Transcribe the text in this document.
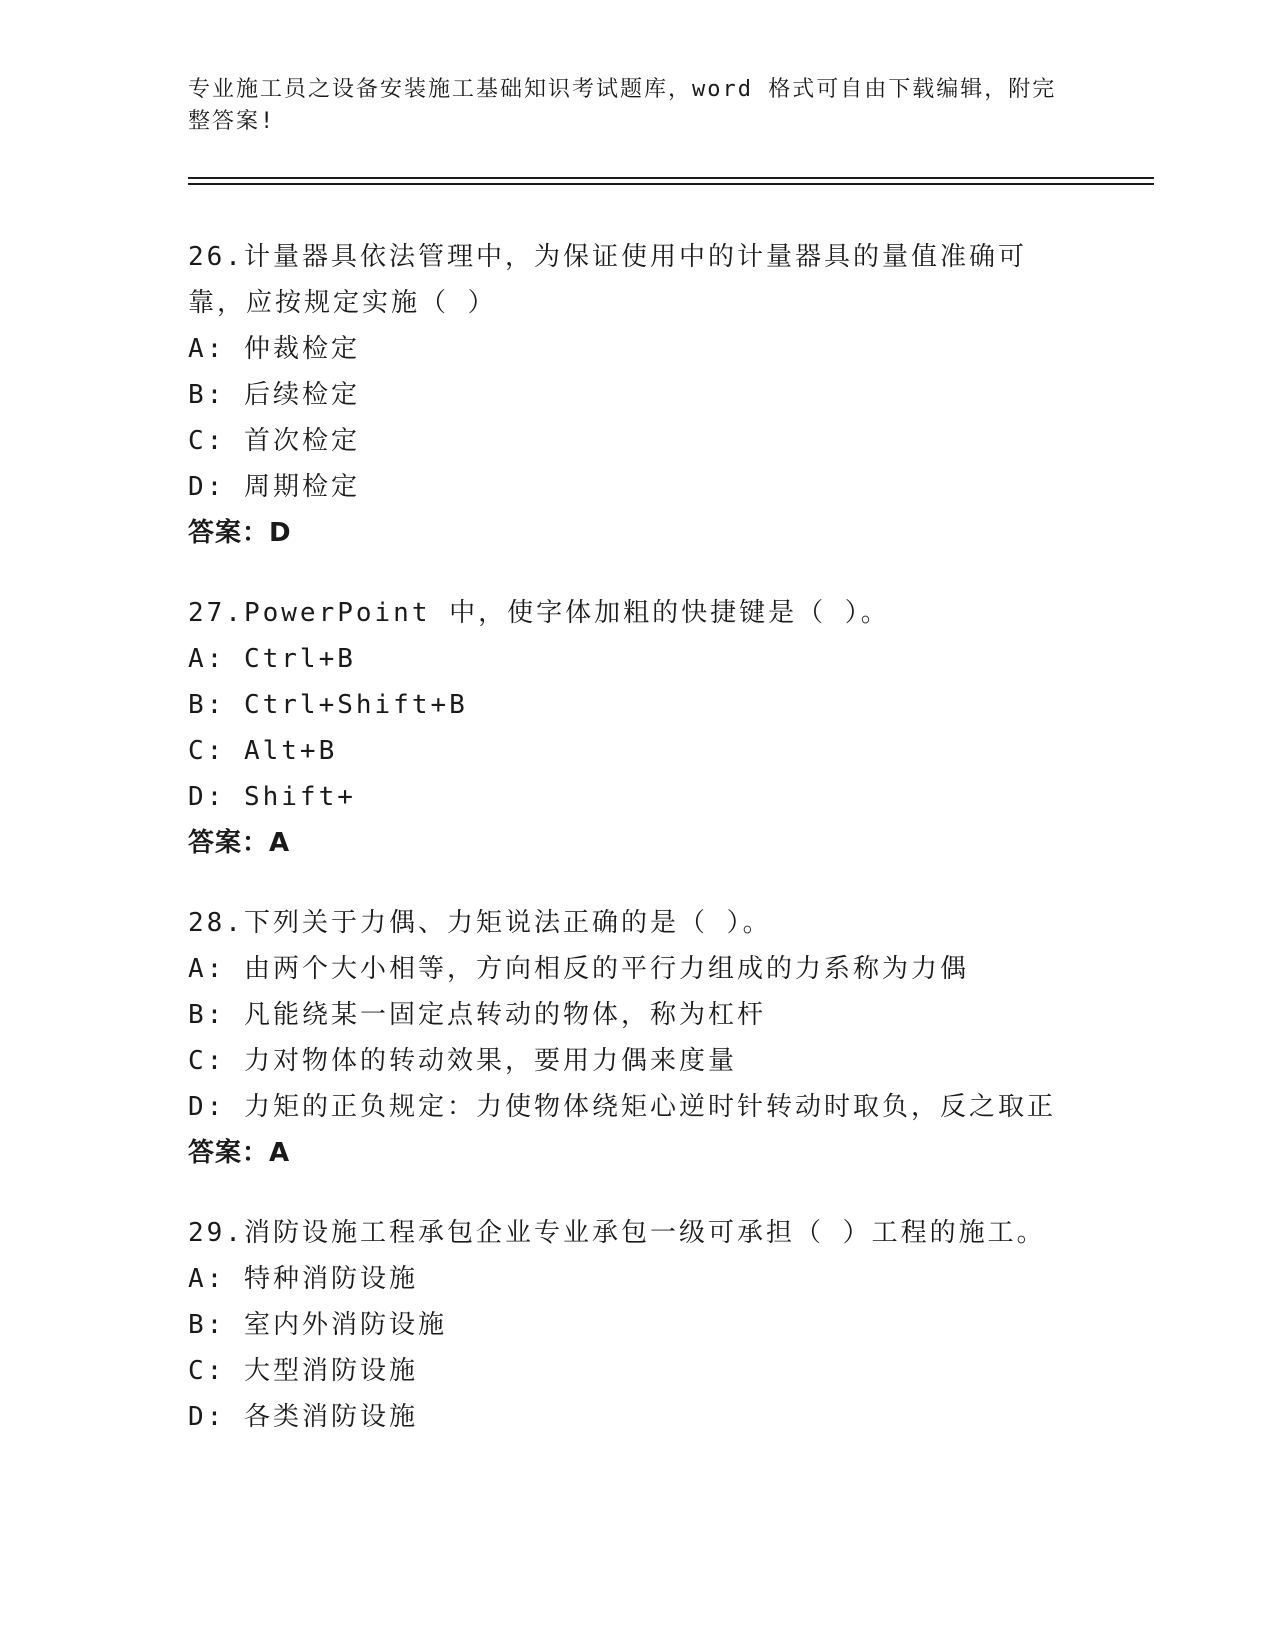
专业施工员之设备安装施工基础知识考试题库，word 格式可自由下载编辑，附完整答案!
26.计量器具依法管理中，为保证使用中的计量器具的量值准确可靠，应按规定实施（ ）
A: 仲裁检定
B: 后续检定
C: 首次检定
D: 周期检定
答案：D
27.PowerPoint 中，使字体加粗的快捷键是（ ）。
A: Ctrl+B
B: Ctrl+Shift+B
C: Alt+B
D: Shift+
答案：A
28.下列关于力偶、力矩说法正确的是（ ）。
A: 由两个大小相等，方向相反的平行力组成的力系称为力偶
B: 凡能绕某一固定点转动的物体，称为杠杆
C: 力对物体的转动效果，要用力偶来度量
D: 力矩的正负规定：力使物体绕矩心逆时针转动时取负，反之取正
答案：A
29.消防设施工程承包企业专业承包一级可承担（ ）工程的施工。
A: 特种消防设施
B: 室内外消防设施
C: 大型消防设施
D: 各类消防设施
